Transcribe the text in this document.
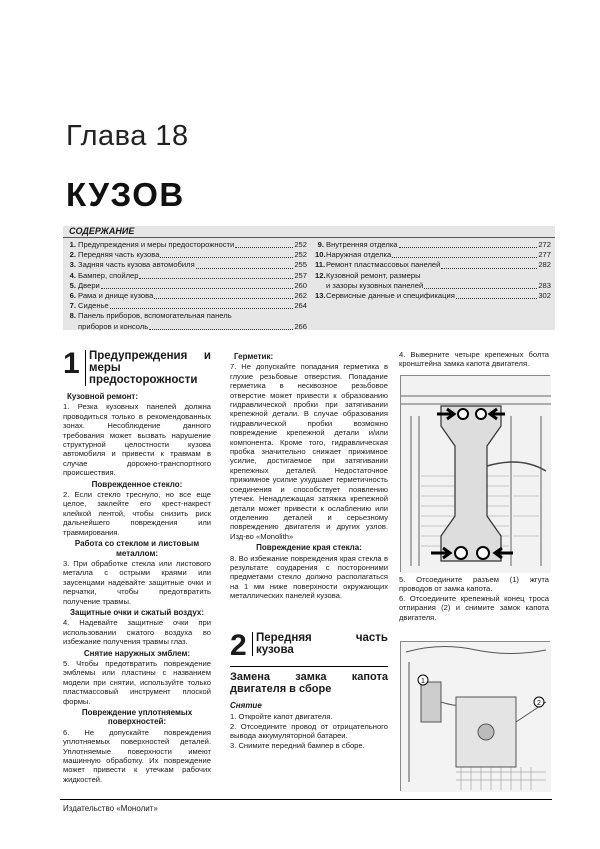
Глава 18
КУЗОВ
СОДЕРЖАНИЕ
1. Предупреждения и меры предосторожности	252
2. Передняя часть кузова	252
3. Задняя часть кузова автомобиля	255
4. Бампер, спойлер	257
5. Двери	260
6. Рама и днище кузова	262
7. Сиденье	264
8. Панель приборов, вспомогательная панель
приборов и консоль	266
9. Внутренняя отделка	272
10. Наружная отделка	277
11. Ремонт пластмассовых панелей	282
12. Кузовной ремонт, размеры
и зазоры кузовных панелей	283
13. Сервисные данные и спецификация	302
1 Предупреждения и меры предосторожности
Кузовной ремонт:

1. Резка кузовных панелей должна проводиться только в рекомендованных зонах. Несоблюдение данного требования может вызвать нарушение структурной целостности кузова автомобиля и привести к травмам в случае дорожно-транспортного происшествия.

Поврежденное стекло:

2. Если стекло треснуло, но все еще целое, заклейте его крест-накрест клейкой лентой, чтобы снизить риск дальнейшего повреждения или травмирования.

Работа со стеклом и листовым металлом:

3. При обработке стекла или листового металла с острыми краями или заусенцами надевайте защитные очки и перчатки, чтобы предотвратить получение травмы.

Защитные очки и сжатый воздух:

4. Надевайте защитные очки при использовании сжатого воздуха во избежание получения травмы глаз.

Снятие наружных эмблем:

5. Чтобы предотвратить повреждение эмблемы или пластины с названием модели при снятии, используйте только пластмассовый инструмент плоской формы.

Повреждение уплотняемых поверхностей:

6. Не допускайте повреждения уплотняемых поверхностей деталей. Уплотняемые поверхности имеют машинную обработку. Их повреждение может привести к утечкам рабочих жидкостей.

Герметик:

7. Не допускайте попадания герметика в глухие резьбовые отверстия. Попадание герметика в несквозное резьбовое отверстие может привести к образованию гидравлической пробки при затягивании крепежной детали. В случае образования гидравлической пробки возможно повреждение крепежной детали и/или компонента. Кроме того, гидравлическая пробка значительно снижает прижимное усилие, достигаемое при затягивании крепежных деталей. Недостаточное прижимное усилие ухудшает герметичность соединения и способствует появлению утечек. Ненадлежащая затяжка крепежной детали может привести к ослаблению или отделению деталей и серьезному повреждению двигателя и других узлов. Изд-во «Monolith»

Повреждение края стекла:

8. Во избежание повреждения края стекла в результате соударения с посторонними предметами стекло должно располагаться на 1 мм ниже поверхности окружающих металлических панелей кузова.

2 Передняя часть кузова
Замена замка капота двигателя в сборе
Снятие

1. Откройте капот двигателя.

2. Отсоедините провод от отрицательного вывода аккумуляторной батареи.

3. Снимите передний бампер в сборе.

4. Выверните четыре крепежных болта кронштейна замка капота двигателя.

5. Отсоедините разъем (1) жгута проводов от замка капота.

6. Отсоедините крепежный конец троса отпирания (2) и снимите замок капота двигателя.

1
2
Издательство «Монолит»
